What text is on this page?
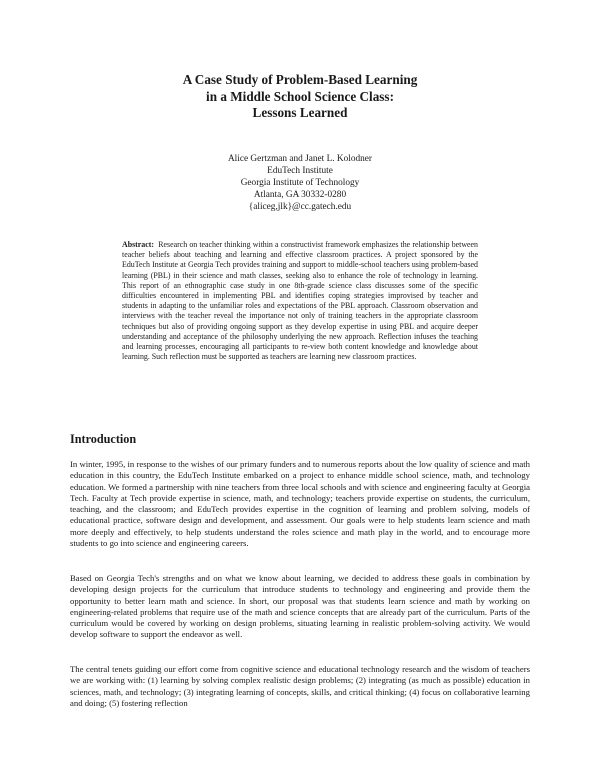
A Case Study of Problem-Based Learning
in a Middle School Science Class:
Lessons Learned
Alice Gertzman and Janet L. Kolodner
EduTech Institute
Georgia Institute of Technology
Atlanta, GA 30332-0280
{aliceg,jlk}@cc.gatech.edu
Abstract: Research on teacher thinking within a constructivist framework emphasizes the relationship between teacher beliefs about teaching and learning and effective classroom practices. A project sponsored by the EduTech Institute at Georgia Tech provides training and support to middle-school teachers using problem-based learning (PBL) in their science and math classes, seeking also to enhance the role of technology in learning. This report of an ethnographic case study in one 8th-grade science class discusses some of the specific difficulties encountered in implementing PBL and identifies coping strategies improvised by teacher and students in adapting to the unfamiliar roles and expectations of the PBL approach. Classroom observation and interviews with the teacher reveal the importance not only of training teachers in the appropriate classroom techniques but also of providing ongoing support as they develop expertise in using PBL and acquire deeper understanding and acceptance of the philosophy underlying the new approach. Reflection infuses the teaching and learning processes, encouraging all participants to re-view both content knowledge and knowledge about learning. Such reflection must be supported as teachers are learning new classroom practices.
Introduction
In winter, 1995, in response to the wishes of our primary funders and to numerous reports about the low quality of science and math education in this country, the EduTech Institute embarked on a project to enhance middle school science, math, and technology education. We formed a partnership with nine teachers from three local schools and with science and engineering faculty at Georgia Tech. Faculty at Tech provide expertise in science, math, and technology; teachers provide expertise on students, the curriculum, teaching, and the classroom; and EduTech provides expertise in the cognition of learning and problem solving, models of educational practice, software design and development, and assessment. Our goals were to help students learn science and math more deeply and effectively, to help students understand the roles science and math play in the world, and to encourage more students to go into science and engineering careers.
Based on Georgia Tech's strengths and on what we know about learning, we decided to address these goals in combination by developing design projects for the curriculum that introduce students to technology and engineering and provide them the opportunity to better learn math and science. In short, our proposal was that students learn science and math by working on engineering-related problems that require use of the math and science concepts that are already part of the curriculum. Parts of the curriculum would be covered by working on design problems, situating learning in realistic problem-solving activity. We would develop software to support the endeavor as well.
The central tenets guiding our effort come from cognitive science and educational technology research and the wisdom of teachers we are working with: (1) learning by solving complex realistic design problems; (2) integrating (as much as possible) education in sciences, math, and technology; (3) integrating learning of concepts, skills, and critical thinking; (4) focus on collaborative learning and doing; (5) fostering reflection
